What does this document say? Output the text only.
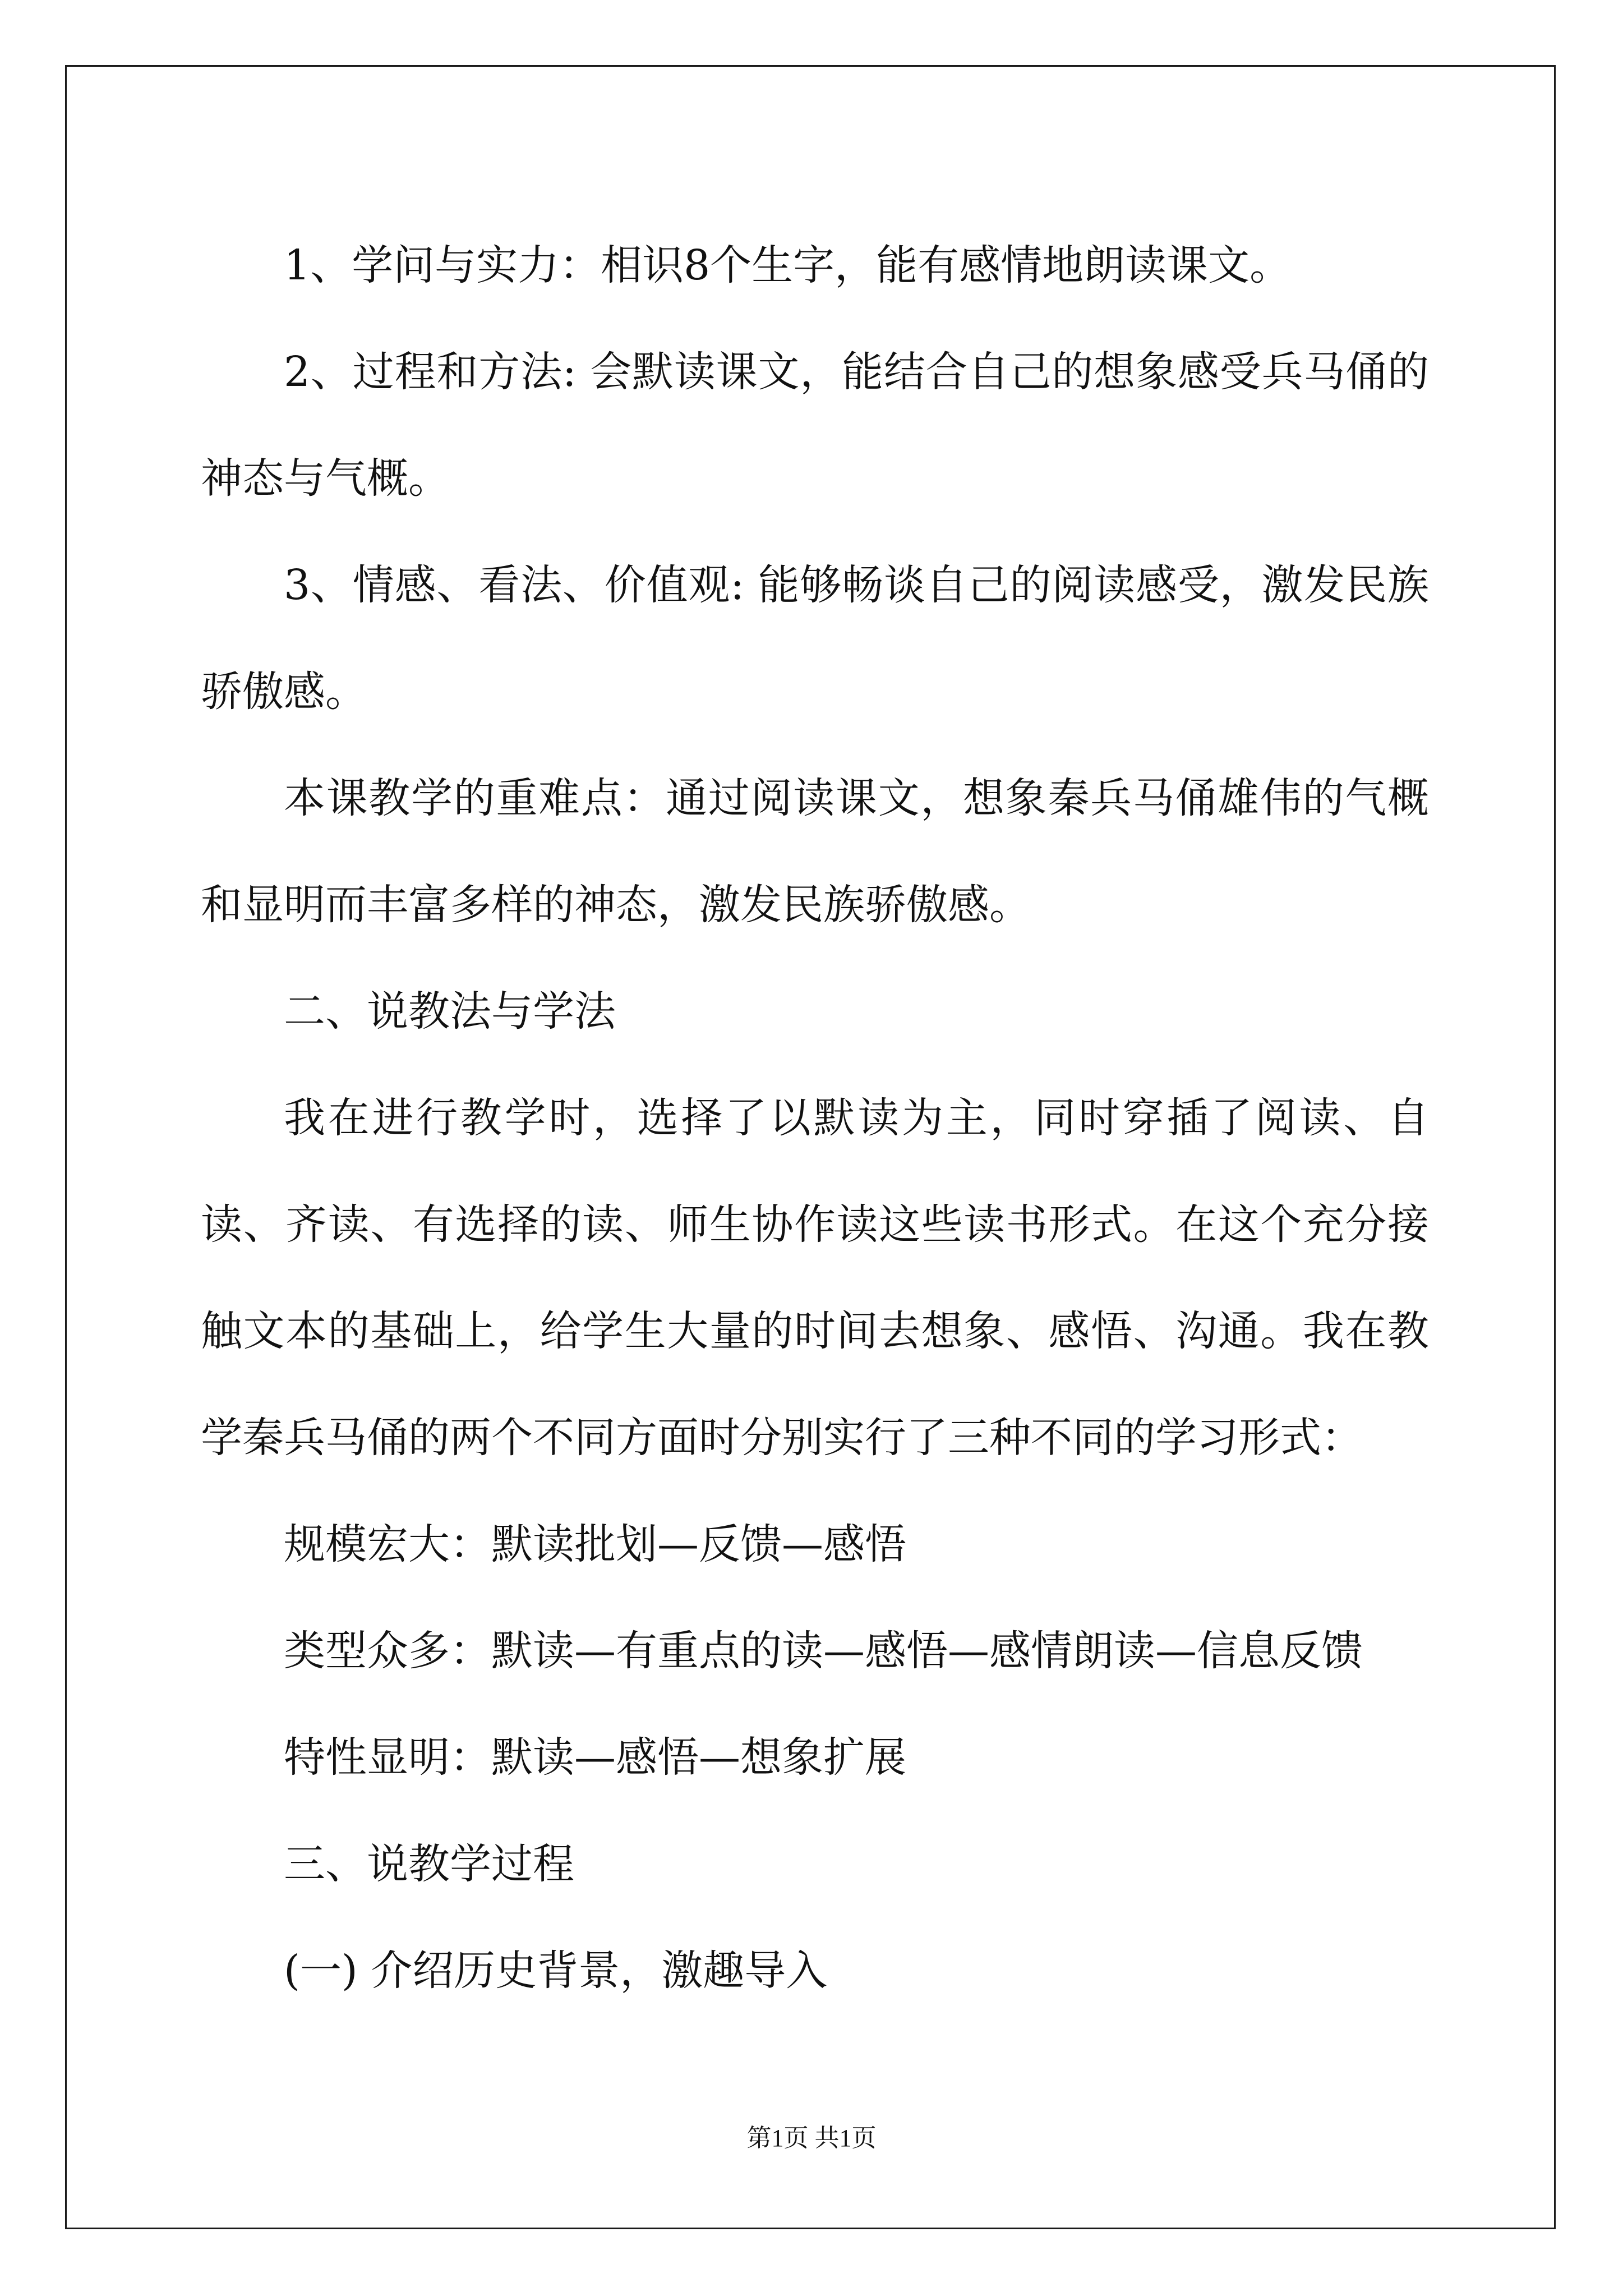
1、学问与实力：相识8个生字，能有感情地朗读课文。

2、过程和方法: 会默读课文，能结合自己的想象感受兵马俑的神态与气概。

3、情感、看法、价值观: 能够畅谈自己的阅读感受，激发民族骄傲感。

本课教学的重难点：通过阅读课文，想象秦兵马俑雄伟的气概和显明而丰富多样的神态，激发民族骄傲感。

二、说教法与学法

我在进行教学时，选择了以默读为主，同时穿插了阅读、自读、齐读、有选择的读、师生协作读这些读书形式。在这个充分接触文本的基础上，给学生大量的时间去想象、感悟、沟通。我在教学秦兵马俑的两个不同方面时分别实行了三种不同的学习形式：

规模宏大：默读批划—反馈—感悟

类型众多：默读—有重点的读—感悟—感情朗读—信息反馈

特性显明：默读—感悟—想象扩展

三、说教学过程

(一) 介绍历史背景，激趣导入

第1页 共1页
